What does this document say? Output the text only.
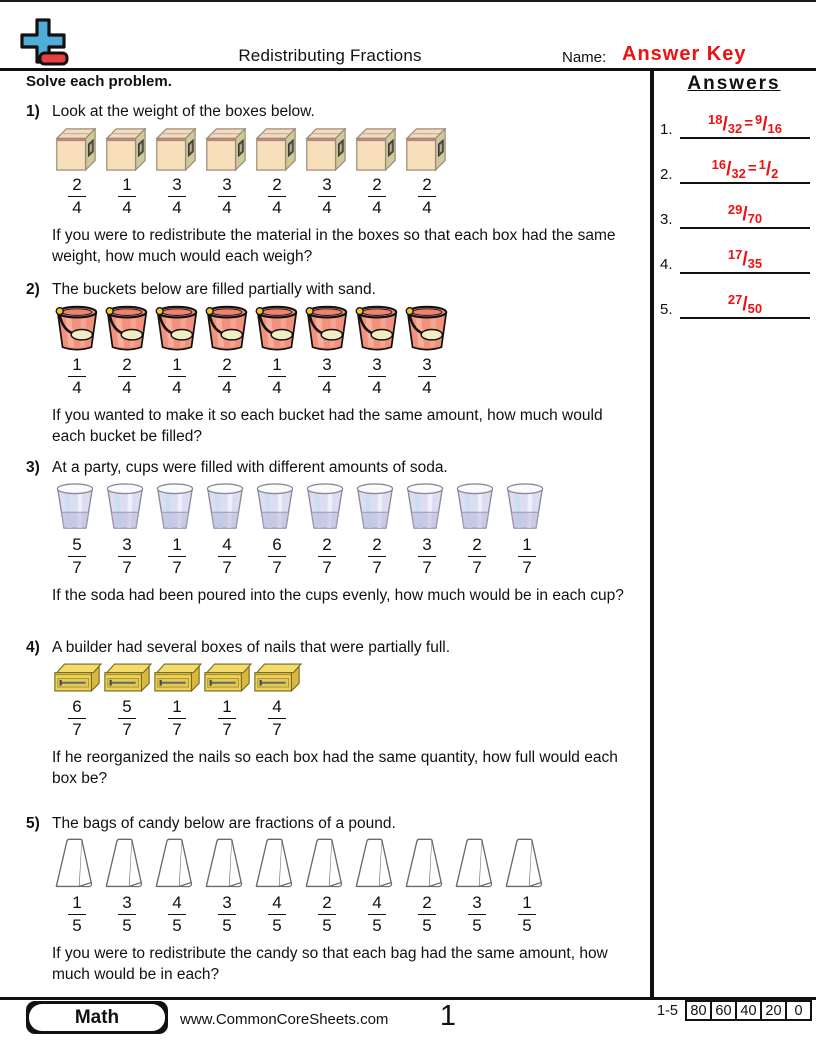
Redistributing Fractions	Name: Answer Key
Solve each problem.	Answers
1.
$^{18}$/32 = $^9$/16
2.
$^{16}$/32 = $^1$/2
3.
$^{29}$/70
4.
$^{17}$/35
5.
$^{27}$/50
1) Look at the weight of the boxes below.
$\frac{2}{4} \frac{1}{4} \frac{3}{4} \frac{3}{4} \frac{2}{4} \frac{3}{4} \frac{2}{4} \frac{2}{4}$
If you were to redistribute the material in the boxes so that each box had the same weight, how much would each weigh?
2) The buckets below are filled partially with sand.
$\frac{1}{4} \frac{2}{4} \frac{1}{4} \frac{2}{4} \frac{1}{4} \frac{3}{4} \frac{3}{4} \frac{3}{4}$
If you wanted to make it so each bucket had the same amount, how much would each bucket be filled?
3) At a party, cups were filled with different amounts of soda.
$\frac{5}{7} \frac{3}{7} \frac{1}{7} \frac{4}{7} \frac{6}{7} \frac{2}{7} \frac{2}{7} \frac{3}{7} \frac{2}{7} \frac{1}{7}$
If the soda had been poured into the cups evenly, how much would be in each cup?
4) A builder had several boxes of nails that were partially full.
$\frac{6}{7} \frac{5}{7} \frac{1}{7} \frac{1}{7} \frac{4}{7}$
If he reorganized the nails so each box had the same quantity, how full would each box be?
5) The bags of candy below are fractions of a pound.
$\frac{1}{5} \frac{3}{5} \frac{4}{5} \frac{3}{5} \frac{4}{5} \frac{2}{5} \frac{4}{5} \frac{2}{5} \frac{3}{5} \frac{1}{5}$
If you were to redistribute the candy so that each bag had the same amount, how much would be in each?
Math	www.CommonCoreSheets.com	1	1-5 80 60 40 20 0
